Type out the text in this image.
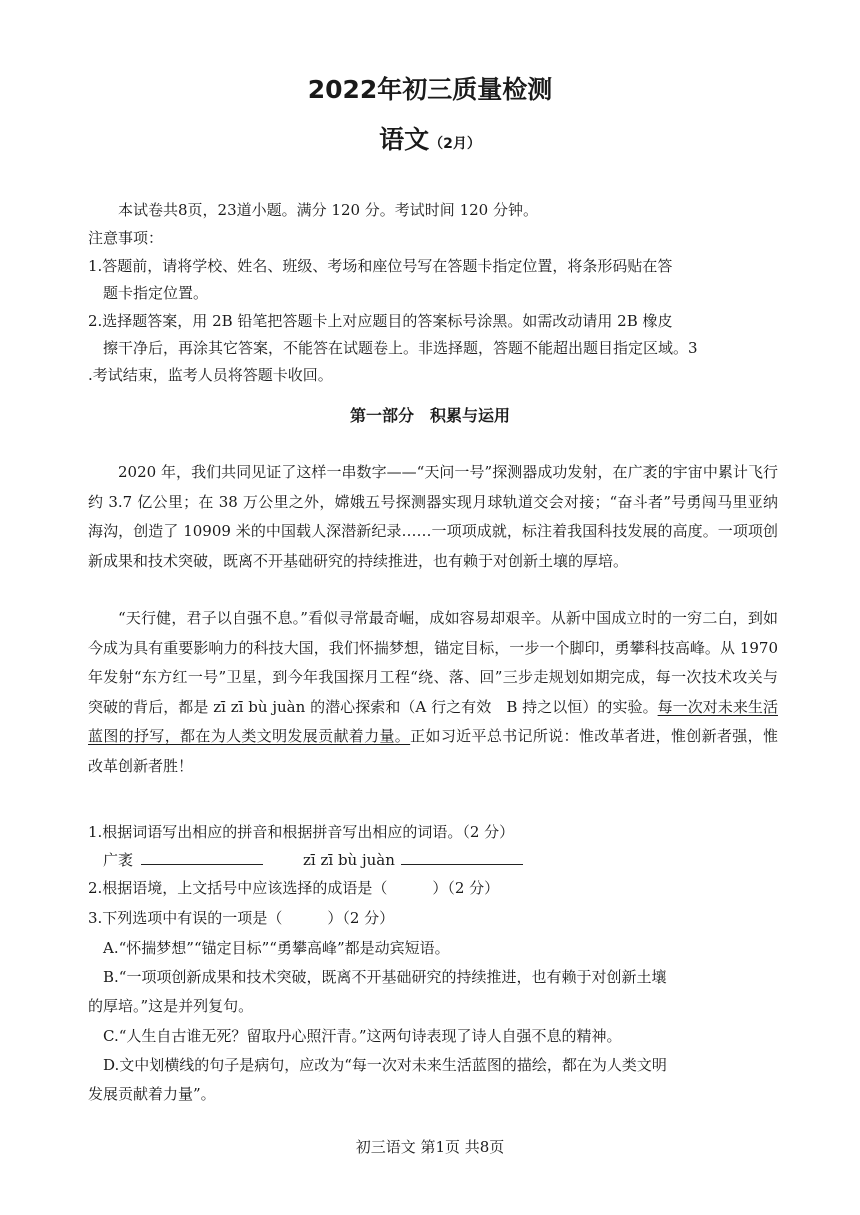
2022年初三质量检测
语文（2月）
本试卷共8页，23道小题。满分 120 分。考试时间 120 分钟。
注意事项：
1.答题前，请将学校、姓名、班级、考场和座位号写在答题卡指定位置，将条形码贴在答
题卡指定位置。
2.选择题答案，用 2B 铅笔把答题卡上对应题目的答案标号涂黑。如需改动请用 2B 橡皮
擦干净后，再涂其它答案，不能答在试题卷上。非选择题，答题不能超出题目指定区域。3
.考试结束，监考人员将答题卡收回。
第一部分　积累与运用
2020 年，我们共同见证了这样一串数字——“天问一号”探测器成功发射，在广袤的宇宙中累计飞行约 3.7 亿公里；在 38 万公里之外，嫦娥五号探测器实现月球轨道交会对接；“奋斗者”号勇闯马里亚纳海沟，创造了 10909 米的中国载人深潜新纪录……一项项成就，标注着我国科技发展的高度。一项项创新成果和技术突破，既离不开基础研究的持续推进，也有赖于对创新土壤的厚培。
“天行健，君子以自强不息。”看似寻常最奇崛，成如容易却艰辛。从新中国成立时的一穷二白，到如今成为具有重要影响力的科技大国，我们怀揣梦想，锚定目标，一步一个脚印，勇攀科技高峰。从 1970 年发射“东方红一号”卫星，到今年我国探月工程“绕、落、回”三步走规划如期完成，每一次技术攻关与突破的背后，都是 zī zī bù juàn 的潜心探索和（A 行之有效　B 持之以恒）的实验。每一次对未来生活蓝图的抒写，都在为人类文明发展贡献着力量。正如习近平总书记所说：惟改革者进，惟创新者强，惟改革创新者胜！
1.根据词语写出相应的拼音和根据拼音写出相应的词语。（2 分）
广袤	zī zī bù juàn
2.根据语境，上文括号中应该选择的成语是（　　　）（2 分）
3.下列选项中有误的一项是（　　　）（2 分）
A.“怀揣梦想”“锚定目标”“勇攀高峰”都是动宾短语。
B.“一项项创新成果和技术突破，既离不开基础研究的持续推进，也有赖于对创新土壤
的厚培。”这是并列复句。
C.“人生自古谁无死？留取丹心照汗青。”这两句诗表现了诗人自强不息的精神。
D.文中划横线的句子是病句，应改为“每一次对未来生活蓝图的描绘，都在为人类文明
发展贡献着力量”。
初三语文 第1页 共8页
